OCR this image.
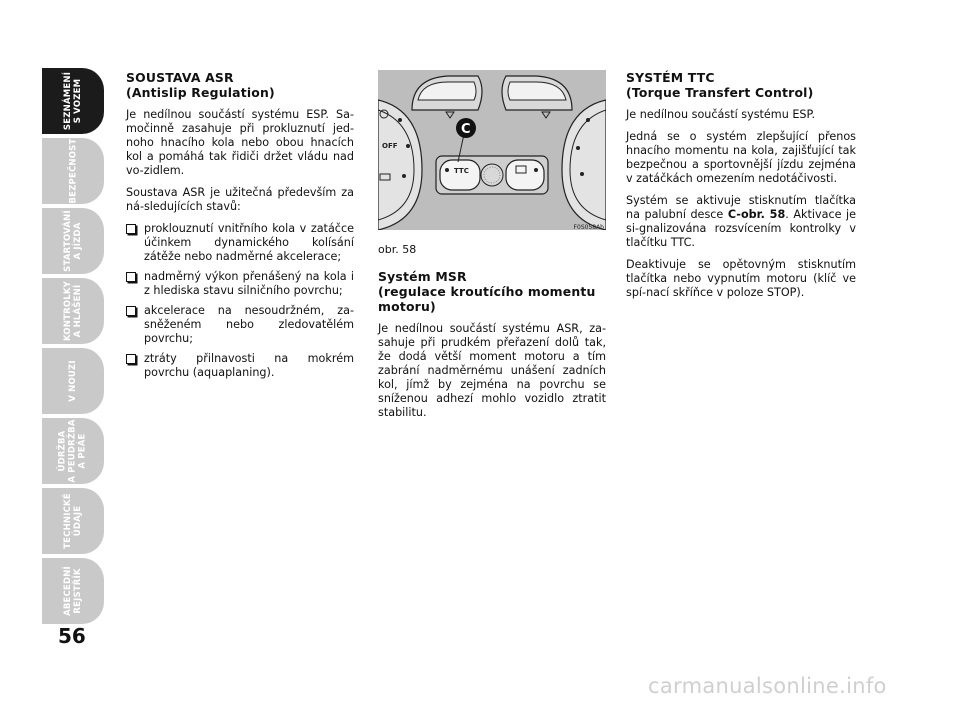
SEZNÁMENÍ
S VOZEM
BEZPEČNOST
STARTOVÁNÍ
A JÍZDA
KONTROLKY
A HLÁŠENÍ
V NOUZI
ÚDRŽBA
A PEUDRŽBA
A PEÁE
TECHNICKÉ
ÚDAJE
ABECEDNÍ
REJSTŘÍK
56
SOUSTAVA ASR
(Antislip Regulation)

Je nedílnou součástí systému ESP. Sa-močinně zasahuje při prokluznutí jed-noho hnacího kola nebo obou hnacích kol a pomáhá tak řidiči držet vládu nad vo-zidlem.

Soustava ASR je užitečná především za ná-sledujících stavů:

proklouznutí vnitřního kola v zatáčce účinkem dynamického kolísání zátěže nebo nadměrné akcelerace;
nadměrný výkon přenášený na kola i z hlediska stavu silničního povrchu;
akcelerace na nesoudržném, za-sněženém nebo zledovatělém povrchu;
ztráty přilnavosti na mokrém povrchu (aquaplaning).
OFF
TTC
C
F0S058Ab
obr. 58
Systém MSR
(regulace kroutícího momentu motoru)

Je nedílnou součástí systému ASR, za-sahuje při prudkém přeřazení dolů tak, že dodá větší moment motoru a tím zabrání nadměrnému unášení zadních kol, jímž by zejména na povrchu se sníženou adhezí mohlo vozidlo ztratit stabilitu.

SYSTÉM TTC
(Torque Transfert Control)

Je nedílnou součástí systému ESP.

Jedná se o systém zlepšující přenos hnacího momentu na kola, zajišťující tak bezpečnou a sportovnější jízdu zejména v zatáčkách omezením nedotáčivosti.

Systém se aktivuje stisknutím tlačítka na palubní desce C-obr. 58. Aktivace je si-gnalizována rozsvícením kontrolky v tlačítku TTC.

Deaktivuje se opětovným stisknutím tlačítka nebo vypnutím motoru (klíč ve spí-nací skříňce v poloze STOP).

carmanualsonline.info
